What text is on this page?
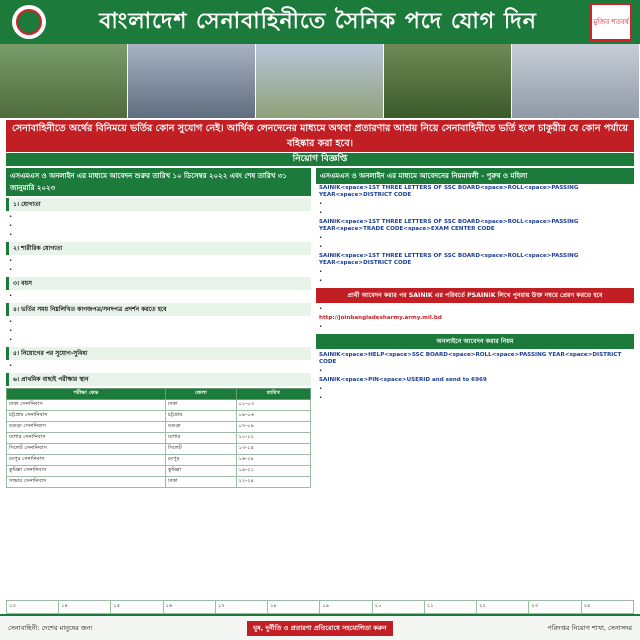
বাংলাদেশ সেনাবাহিনীতে সৈনিক পদে যোগ দিন	মুজিব শতবর্ষ
সেনাবাহিনীতে অর্থের বিনিময়ে ভর্তির কোন সুযোগ নেই। আর্থিক লেনদেনের মাধ্যমে অথবা প্রতারণার আশ্রয় নিয়ে সেনাবাহিনীতে ভর্তি হলে চাকুরীর যে কোন পর্যায়ে বহিষ্কার করা হবে।
নিয়োগ বিজ্ঞপ্তি
এসএমএস ও অনলাইন এর মাধ্যমে আবেদন শুরুর তারিখ ১০ ডিসেম্বর ২০২২ এবং শেষ তারিখ ৩১ জানুয়ারি ২০২৩
১। যোগ্যতা
•
•
•
২। শারীরিক যোগ্যতা
•
•
৩। বয়স
•
৪। ভর্তির সময় নিম্নলিখিত কাগজপত্র/সনদপত্র প্রদর্শন করতে হবে
•
•
•
৫। নিয়োগের পর সুযোগ-সুবিধা
•
৬। প্রাথমিক বাছাই পরীক্ষার স্থান
পরীক্ষা কেন্দ্র	জেলা	তারিখ
ঢাকা সেনানিবাস	ঢাকা	০১-০৩
চট্টগ্রাম সেনানিবাস	চট্টগ্রাম	০৪-০৬
বগুড়া সেনানিবাস	বগুড়া	০৭-০৯
যশোর সেনানিবাস	যশোর	১০-১২
সিলেট সেনানিবাস	সিলেট	১৩-১৫
রংপুর সেনানিবাস	রংপুর	১৬-১৮
কুমিল্লা সেনানিবাস	কুমিল্লা	১৯-২১
সাভার সেনানিবাস	ঢাকা	২২-২৪
এসএমএস ও অনলাইন এর মাধ্যমে আবেদনের নিয়মাবলী - পুরুষ ও মহিলা
SAINIK<space>1ST THREE LETTERS OF SSC BOARD<space>ROLL<space>PASSING YEAR<space>DISTRICT CODE
•
•
SAINIK<space>1ST THREE LETTERS OF SSC BOARD<space>ROLL<space>PASSING YEAR<space>TRADE CODE<space>EXAM CENTER CODE
•
•
SAINIK<space>1ST THREE LETTERS OF SSC BOARD<space>ROLL<space>PASSING YEAR<space>DISTRICT CODE
•
•
প্রার্থী আবেদন করার পর SAINIK এর পরিবর্তে PSAINIK লিখে পুনরায় উক্ত নম্বরে প্রেরণ করতে হবে
•
http://joinbangladesharmy.army.mil.bd
•
অনলাইনে আবেদন করার নিয়ম
SAINIK<space>HELP<space>SSC BOARD<space>ROLL<space>PASSING YEAR<space>DISTRICT CODE
•
SAINIK<space>PIN<space>USERID and send to 6969
•
•
১৩	১৪	১৫	১৬	১৭	১৮	১৯	২০	২১	২২	২৩	২৪
সেনাবাহিনী: দেশের মানুষের জন্য	ঘুষ, দুর্নীতি ও প্রতারণা প্রতিরোধে সহযোগিতা করুন	পরিদপ্তর নিয়োগ শাখা, সেনাসদর
